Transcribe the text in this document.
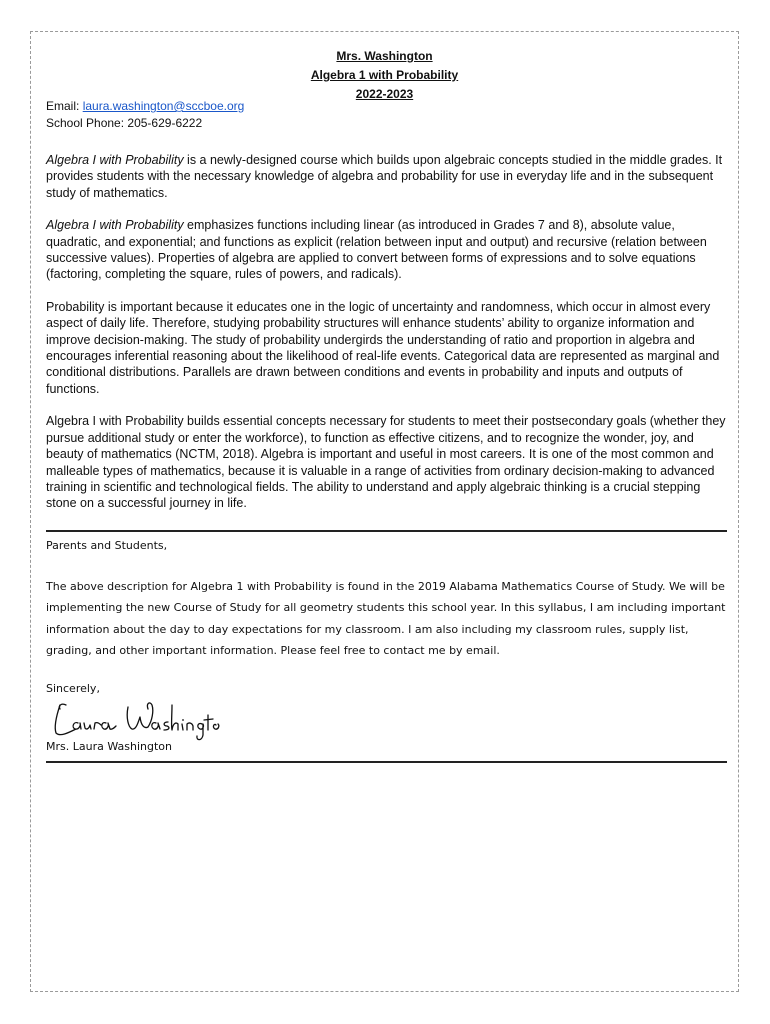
Mrs. Washington
Algebra 1 with Probability
2022-2023
Email: laura.washington@sccboe.org
School Phone: 205-629-6222

Algebra I with Probability is a newly-designed course which builds upon algebraic concepts studied in the middle grades. It provides students with the necessary knowledge of algebra and probability for use in everyday life and in the subsequent study of mathematics.

Algebra I with Probability emphasizes functions including linear (as introduced in Grades 7 and 8), absolute value, quadratic, and exponential; and functions as explicit (relation between input and output) and recursive (relation between successive values). Properties of algebra are applied to convert between forms of expressions and to solve equations (factoring, completing the square, rules of powers, and radicals).

Probability is important because it educates one in the logic of uncertainty and randomness, which occur in almost every aspect of daily life. Therefore, studying probability structures will enhance students’ ability to organize information and improve decision-making. The study of probability undergirds the understanding of ratio and proportion in algebra and encourages inferential reasoning about the likelihood of real-life events. Categorical data are represented as marginal and conditional distributions. Parallels are drawn between conditions and events in probability and inputs and outputs of functions.

Algebra I with Probability builds essential concepts necessary for students to meet their postsecondary goals (whether they pursue additional study or enter the workforce), to function as effective citizens, and to recognize the wonder, joy, and beauty of mathematics (NCTM, 2018). Algebra is important and useful in most careers. It is one of the most common and malleable types of mathematics, because it is valuable in a range of activities from ordinary decision-making to advanced training in scientific and technological fields. The ability to understand and apply algebraic thinking is a crucial stepping stone on a successful journey in life.

Parents and Students,
The above description for Algebra 1 with Probability is found in the 2019 Alabama Mathematics Course of Study. We will be implementing the new Course of Study for all geometry students this school year. In this syllabus, I am including important information about the day to day expectations for my classroom. I am also including my classroom rules, supply list, grading, and other important information. Please feel free to contact me by email.
Sincerely,
Mrs. Laura Washington
